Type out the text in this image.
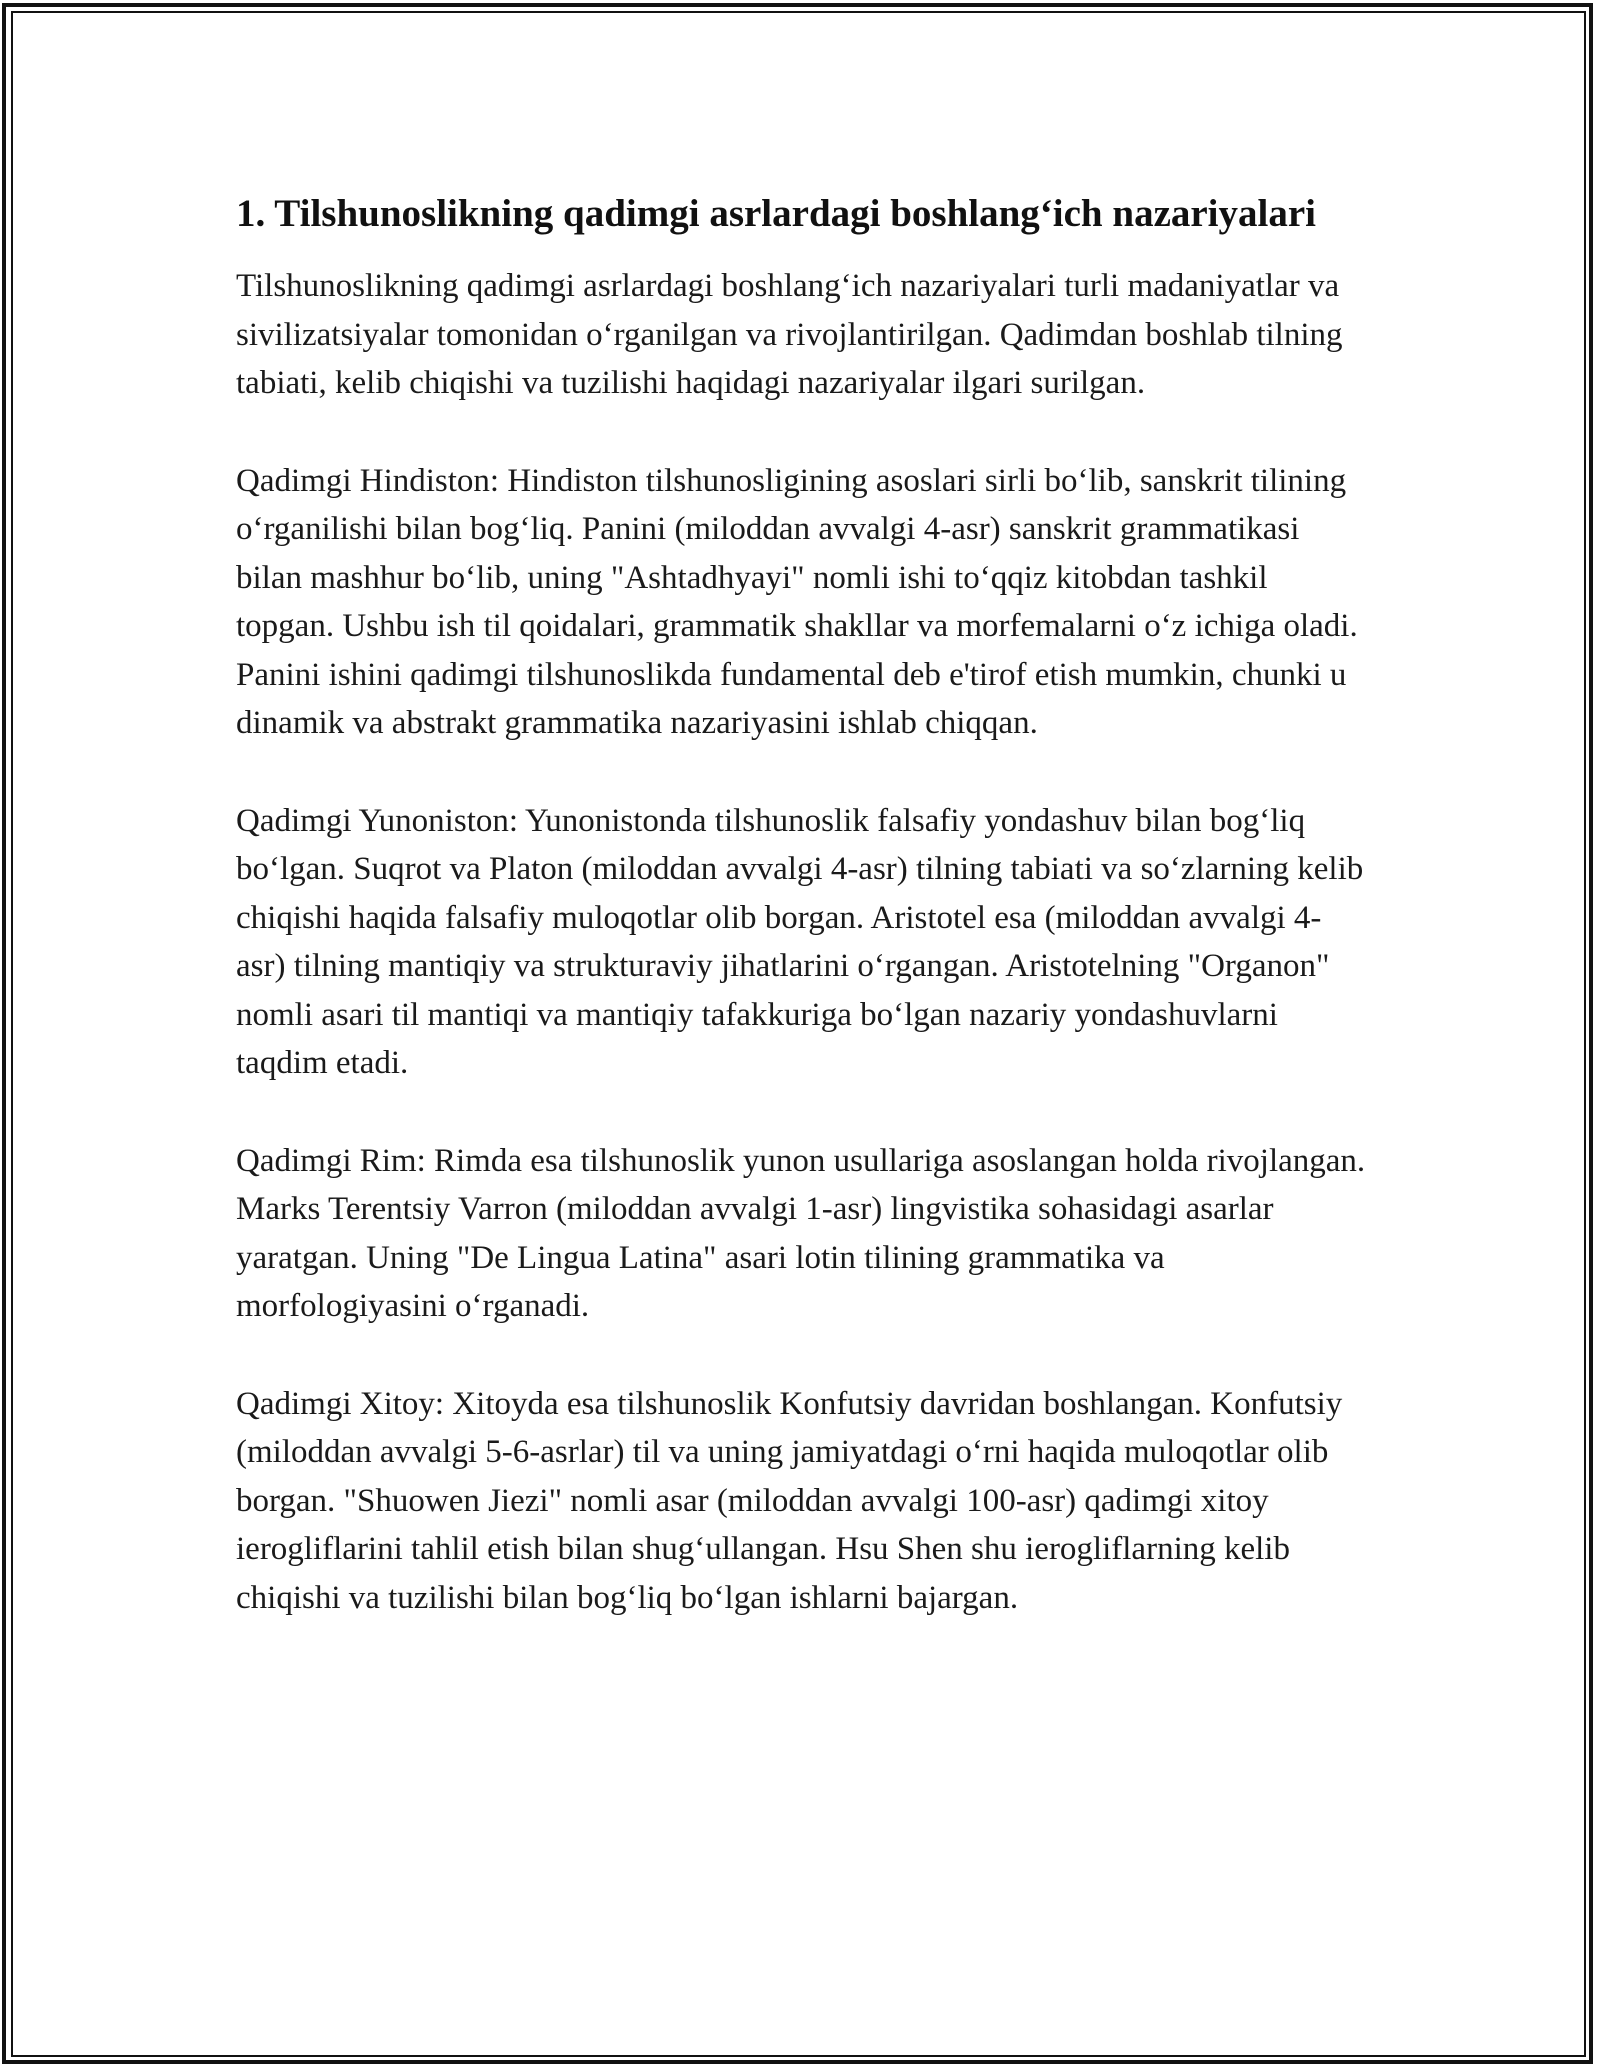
1. Tilshunoslikning qadimgi asrlardagi boshlang‘ich nazariyalari

Tilshunoslikning qadimgi asrlardagi boshlang‘ich nazariyalari turli madaniyatlar va sivilizatsiyalar tomonidan o‘rganilgan va rivojlantirilgan. Qadimdan boshlab tilning tabiati, kelib chiqishi va tuzilishi haqidagi nazariyalar ilgari surilgan.

Qadimgi Hindiston: Hindiston tilshunosligining asoslari sirli bo‘lib, sanskrit tilining o‘rganilishi bilan bog‘liq. Panini (miloddan avvalgi 4-asr) sanskrit grammatikasi bilan mashhur bo‘lib, uning "Ashtadhyayi" nomli ishi to‘qqiz kitobdan tashkil topgan. Ushbu ish til qoidalari, grammatik shakllar va morfemalarni o‘z ichiga oladi. Panini ishini qadimgi tilshunoslikda fundamental deb e'tirof etish mumkin, chunki u dinamik va abstrakt grammatika nazariyasini ishlab chiqqan.

Qadimgi Yunoniston: Yunonistonda tilshunoslik falsafiy yondashuv bilan bog‘liq bo‘lgan. Suqrot va Platon (miloddan avvalgi 4-asr) tilning tabiati va so‘zlarning kelib chiqishi haqida falsafiy muloqotlar olib borgan. Aristotel esa (miloddan avvalgi 4-asr) tilning mantiqiy va strukturaviy jihatlarini o‘rgangan. Aristotelning "Organon" nomli asari til mantiqi va mantiqiy tafakkuriga bo‘lgan nazariy yondashuvlarni taqdim etadi.

Qadimgi Rim: Rimda esa tilshunoslik yunon usullariga asoslangan holda rivojlangan. Marks Terentsiy Varron (miloddan avvalgi 1-asr) lingvistika sohasidagi asarlar yaratgan. Uning "De Lingua Latina" asari lotin tilining grammatika va morfologiyasini o‘rganadi.

Qadimgi Xitoy: Xitoyda esa tilshunoslik Konfutsiy davridan boshlangan. Konfutsiy (miloddan avvalgi 5-6-asrlar) til va uning jamiyatdagi o‘rni haqida muloqotlar olib borgan. "Shuowen Jiezi" nomli asar (miloddan avvalgi 100-asr) qadimgi xitoy ierogliflarini tahlil etish bilan shug‘ullangan. Hsu Shen shu ierogliflarning kelib chiqishi va tuzilishi bilan bog‘liq bo‘lgan ishlarni bajargan.
